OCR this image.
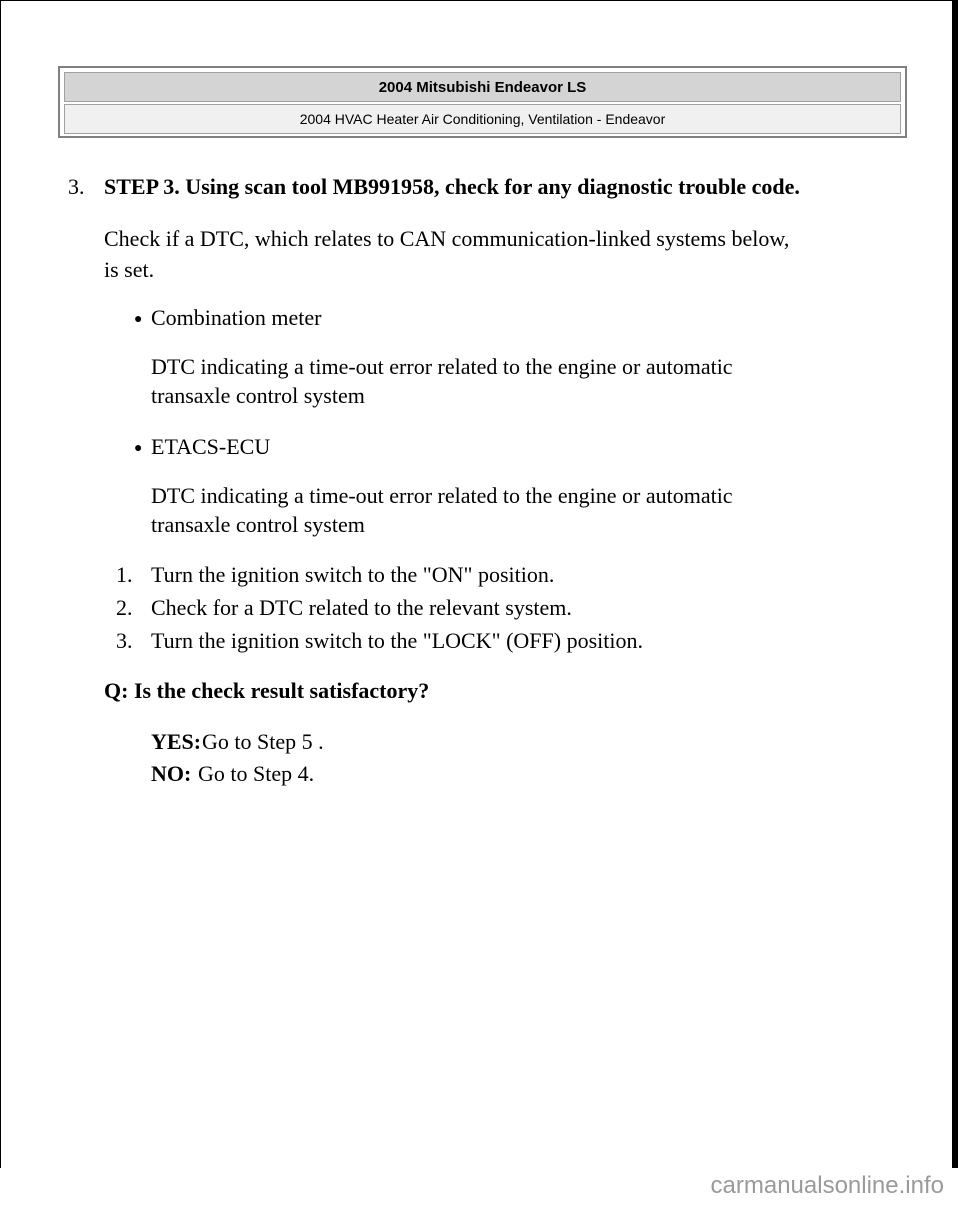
2004 Mitsubishi Endeavor LS
2004 HVAC Heater Air Conditioning, Ventilation - Endeavor
3. STEP 3. Using scan tool MB991958, check for any diagnostic trouble code.
Check if a DTC, which relates to CAN communication-linked systems below,
is set.
● Combination meter
DTC indicating a time-out error related to the engine or automatic
transaxle control system
● ETACS-ECU
DTC indicating a time-out error related to the engine or automatic
transaxle control system
1. Turn the ignition switch to the "ON" position.
2. Check for a DTC related to the relevant system.
3. Turn the ignition switch to the "LOCK" (OFF) position.
Q: Is the check result satisfactory?
YES: Go to Step 5 .
NO: Go to Step 4.
carmanualsonline.info
